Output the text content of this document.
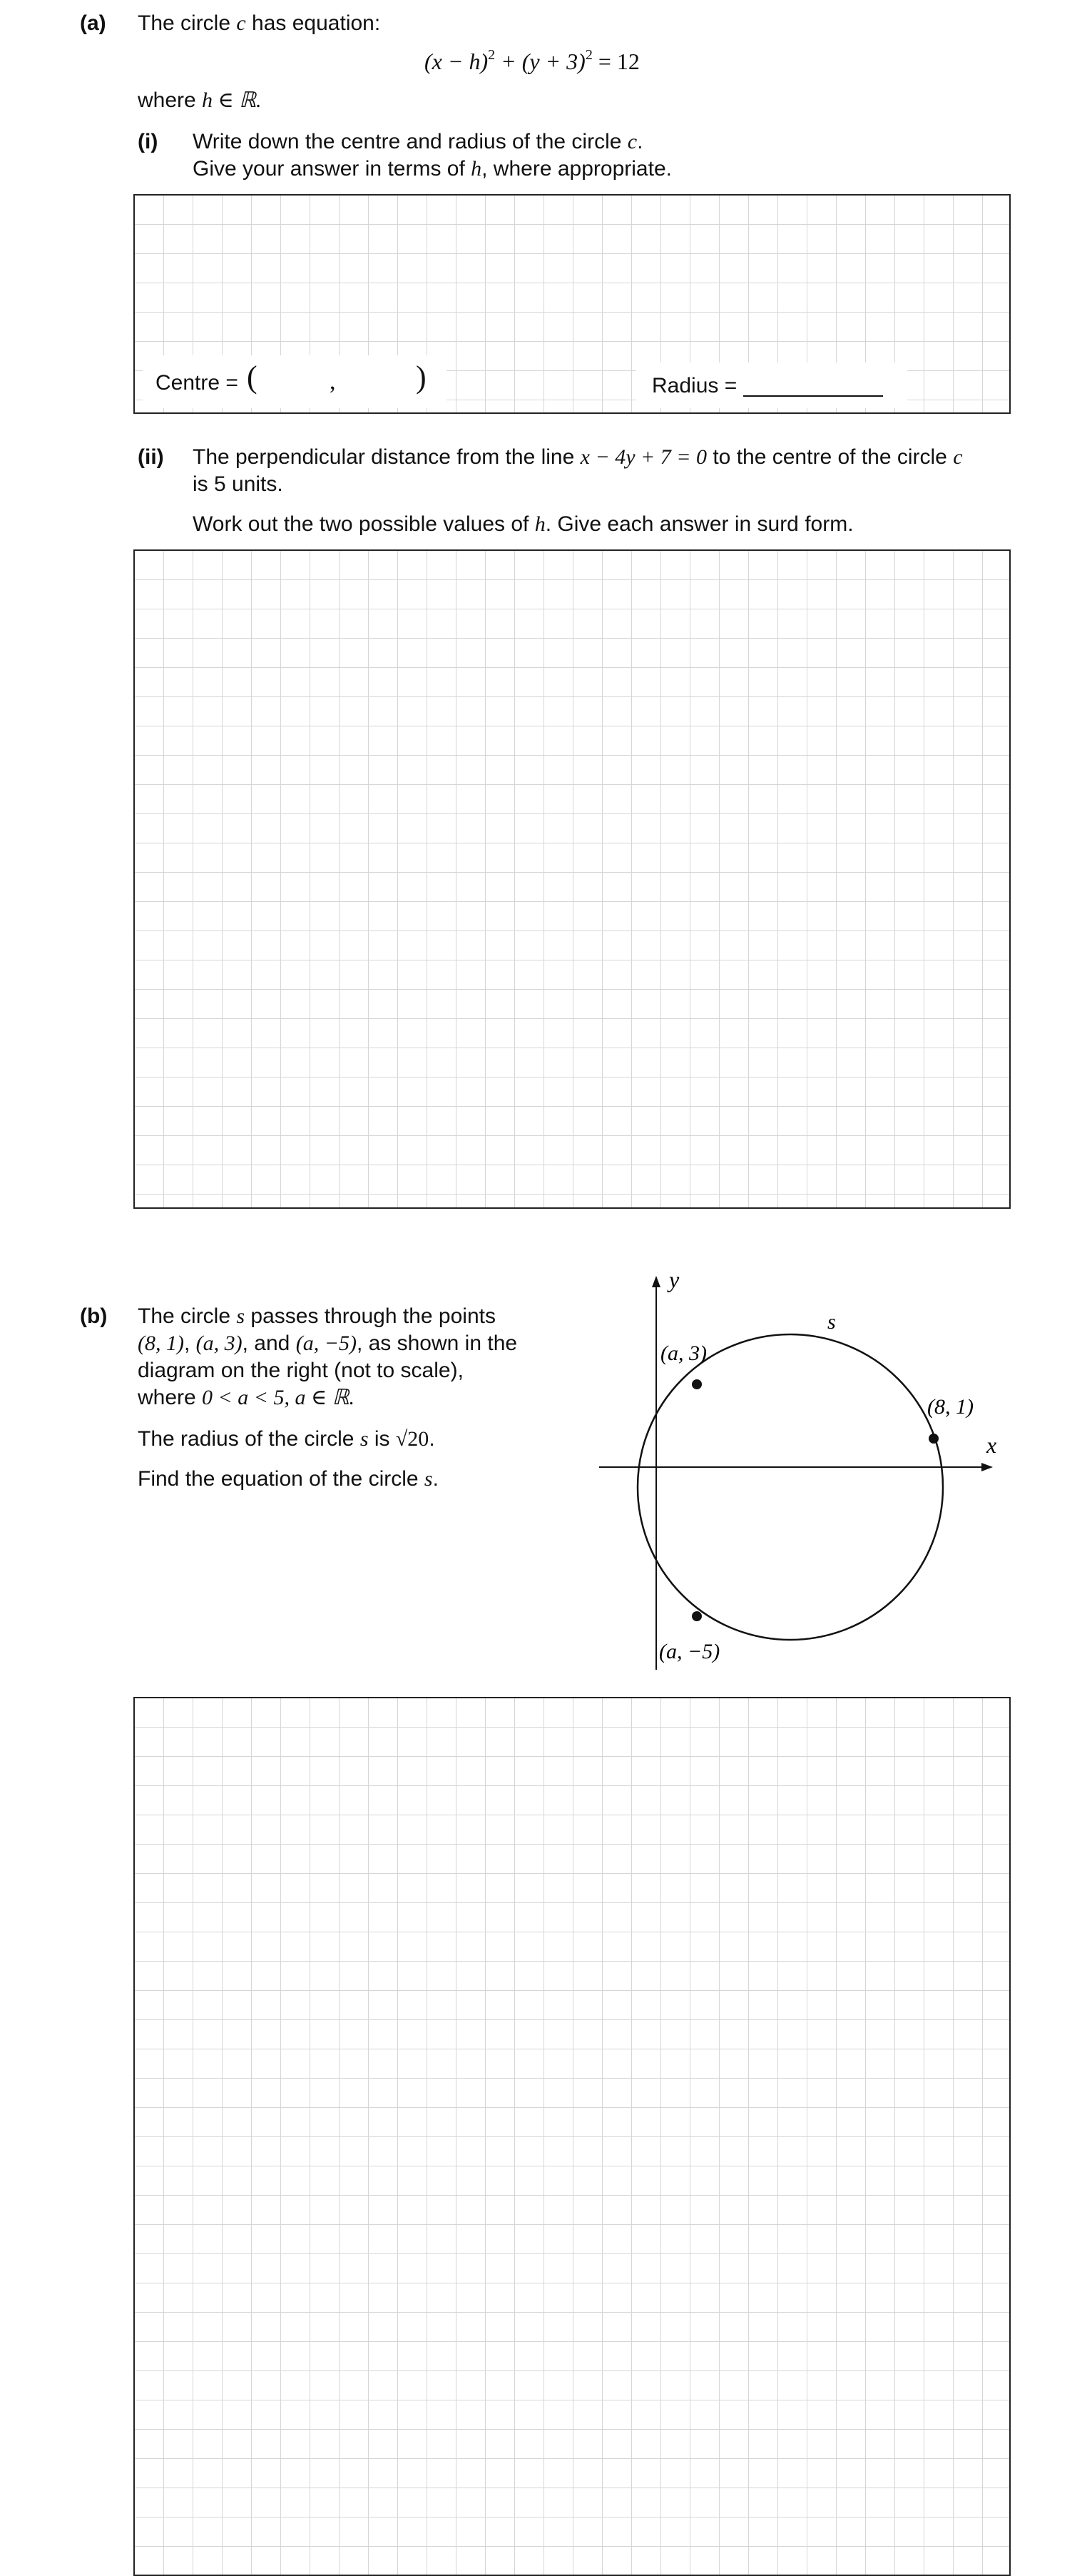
(a) The circle c has equation:
$(x - h)^2 + (y + 3)^2 = 12$
where h ∈ ℝ.
(i) Write down the centre and radius of the circle c.
Give your answer in terms of h, where appropriate.
Centre = (	,	)	Radius =
(ii) The perpendicular distance from the line x − 4y + 7 = 0 to the centre of the circle c
is 5 units.
Work out the two possible values of h. Give each answer in surd form.
(b) The circle s passes through the points
(8, 1), (a, 3), and (a, −5), as shown in the
diagram on the right (not to scale),
where 0 < a < 5, a ∈ ℝ.
The radius of the circle s is √20.
Find the equation of the circle s.
y
x
s
(a, 3)
(8, 1)
(a, −5)
